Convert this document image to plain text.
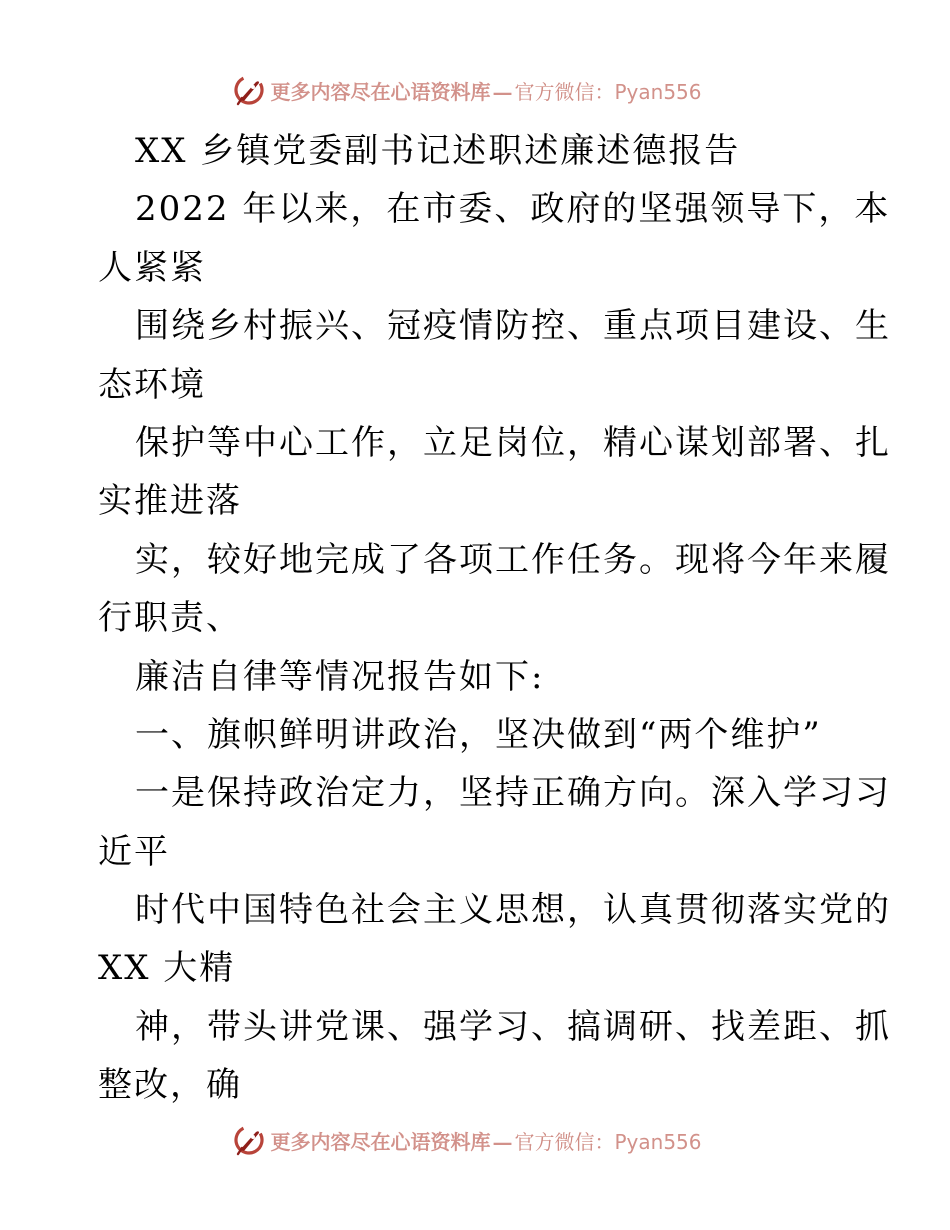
更多内容尽在心语资料库 — 官方微信：Pyan556
XX 乡镇党委副书记述职述廉述德报告
2022 年以来，在市委、政府的坚强领导下，本
人紧紧
围绕乡村振兴、冠疫情防控、重点项目建设、生
态环境
保护等中心工作，立足岗位，精心谋划部署、扎
实推进落
实，较好地完成了各项工作任务。现将今年来履
行职责、
廉洁自律等情况报告如下:
一、旗帜鲜明讲政治，坚决做到“两个维护”
一是保持政治定力，坚持正确方向。深入学习习
近平
时代中国特色社会主义思想，认真贯彻落实党的
XX 大精
神，带头讲党课、强学习、搞调研、找差距、抓
整改，确
更多内容尽在心语资料库 — 官方微信：Pyan556
